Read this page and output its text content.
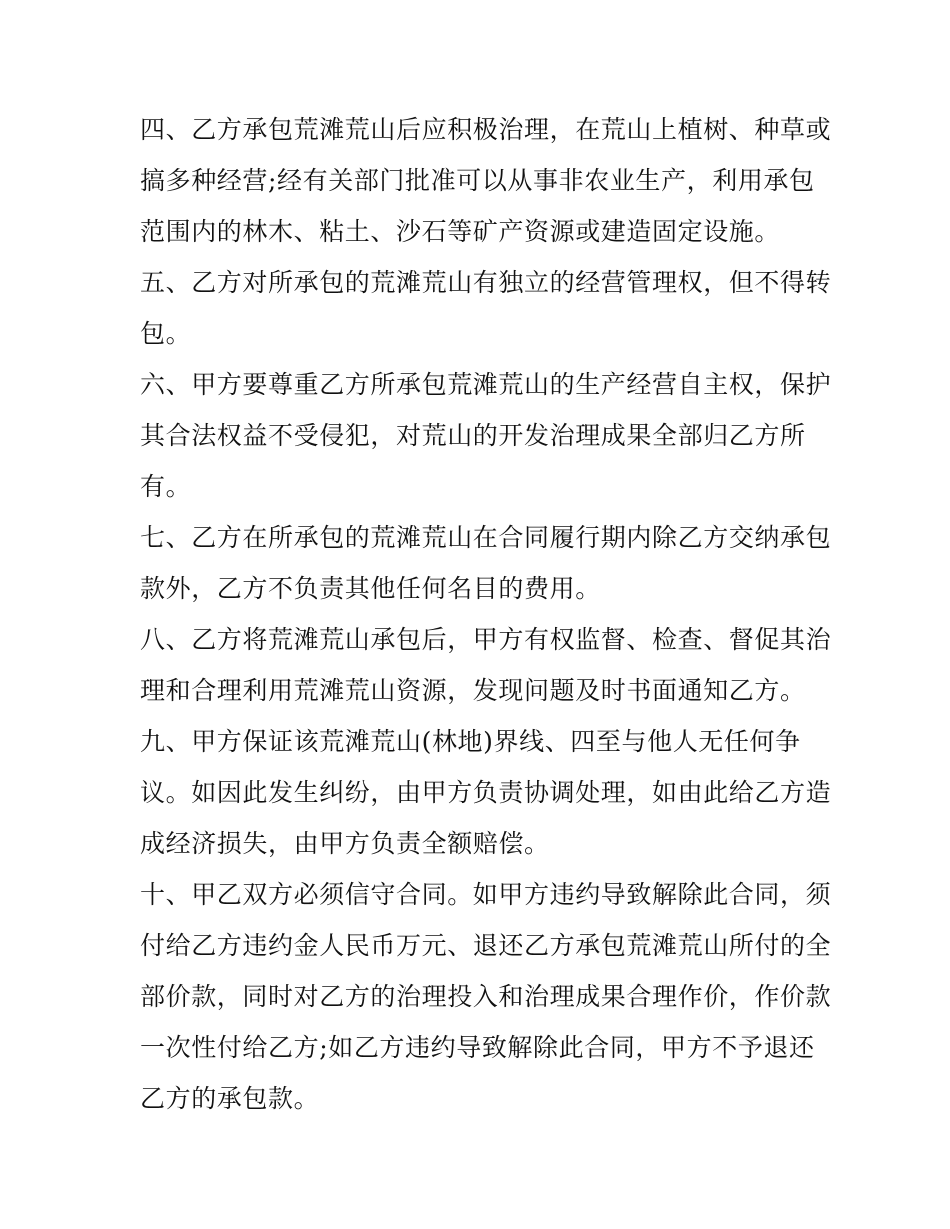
四、乙方承包荒滩荒山后应积极治理，在荒山上植树、种草或
搞多种经营;经有关部门批准可以从事非农业生产，利用承包
范围内的林木、粘土、沙石等矿产资源或建造固定设施。
五、乙方对所承包的荒滩荒山有独立的经营管理权，但不得转
包。
六、甲方要尊重乙方所承包荒滩荒山的生产经营自主权，保护
其合法权益不受侵犯，对荒山的开发治理成果全部归乙方所
有。
七、乙方在所承包的荒滩荒山在合同履行期内除乙方交纳承包
款外，乙方不负责其他任何名目的费用。
八、乙方将荒滩荒山承包后，甲方有权监督、检查、督促其治
理和合理利用荒滩荒山资源，发现问题及时书面通知乙方。
九、甲方保证该荒滩荒山(林地)界线、四至与他人无任何争
议。如因此发生纠纷，由甲方负责协调处理，如由此给乙方造
成经济损失，由甲方负责全额赔偿。
十、甲乙双方必须信守合同。如甲方违约导致解除此合同，须
付给乙方违约金人民币万元、退还乙方承包荒滩荒山所付的全
部价款，同时对乙方的治理投入和治理成果合理作价，作价款
一次性付给乙方;如乙方违约导致解除此合同，甲方不予退还
乙方的承包款。
